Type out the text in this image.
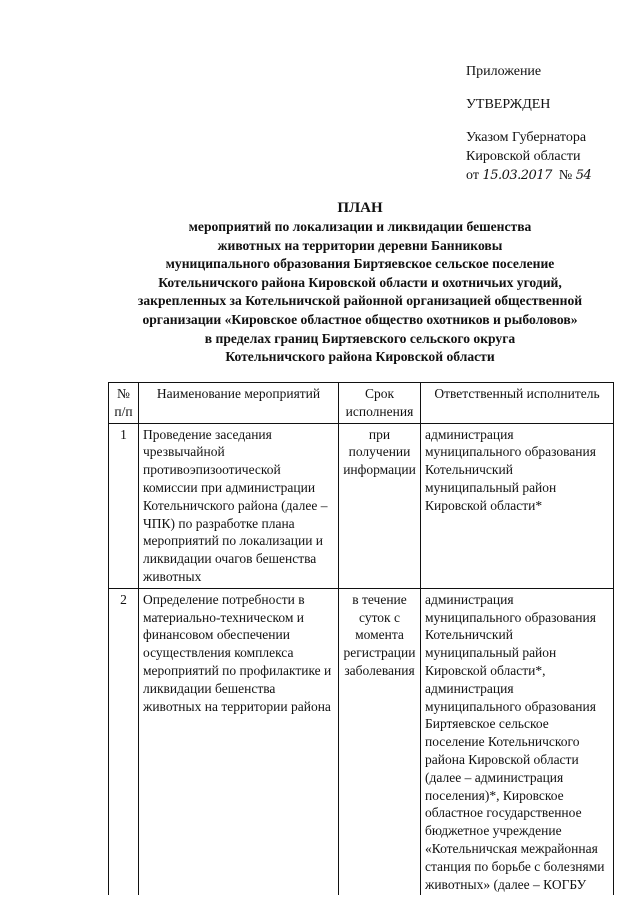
Приложение
УТВЕРЖДЕН
Указом Губернатора
Кировской области
от 15.03.2017 № 54
ПЛАН
мероприятий по локализации и ликвидации бешенства
животных на территории деревни Банниковы
муниципального образования Биртяевское сельское поселение
Котельничского района Кировской области и охотничьих угодий,
закрепленных за Котельничской районной организацией общественной
организации «Кировское областное общество охотников и рыболовов»
в пределах границ Биртяевского сельского округа
Котельничского района Кировской области
№ п/п	Наименование мероприятий	Срок исполнения	Ответственный исполнитель
1	Проведение заседания чрезвычайной противоэпизоотической комиссии при администрации Котельничского района (далее – ЧПК) по разработке плана мероприятий по локализации и ликвидации очагов бешенства животных	при получении информации	администрация муниципального образования Котельничский муниципальный район Кировской области*
2	Определение потребности в материально-техническом и финансовом обеспечении осуществления комплекса мероприятий по профилактике и ликвидации бешенства животных на территории района	в течение суток с момента регистрации заболевания	администрация муниципального образования Котельничский муниципальный район Кировской области*, администрация муниципального образования Биртяевское сельское поселение Котельничского района Кировской области (далее – администрация поселения)*, Кировское областное государственное бюджетное учреждение «Котельничская межрайонная станция по борьбе с болезнями животных» (далее – КОГБУ
